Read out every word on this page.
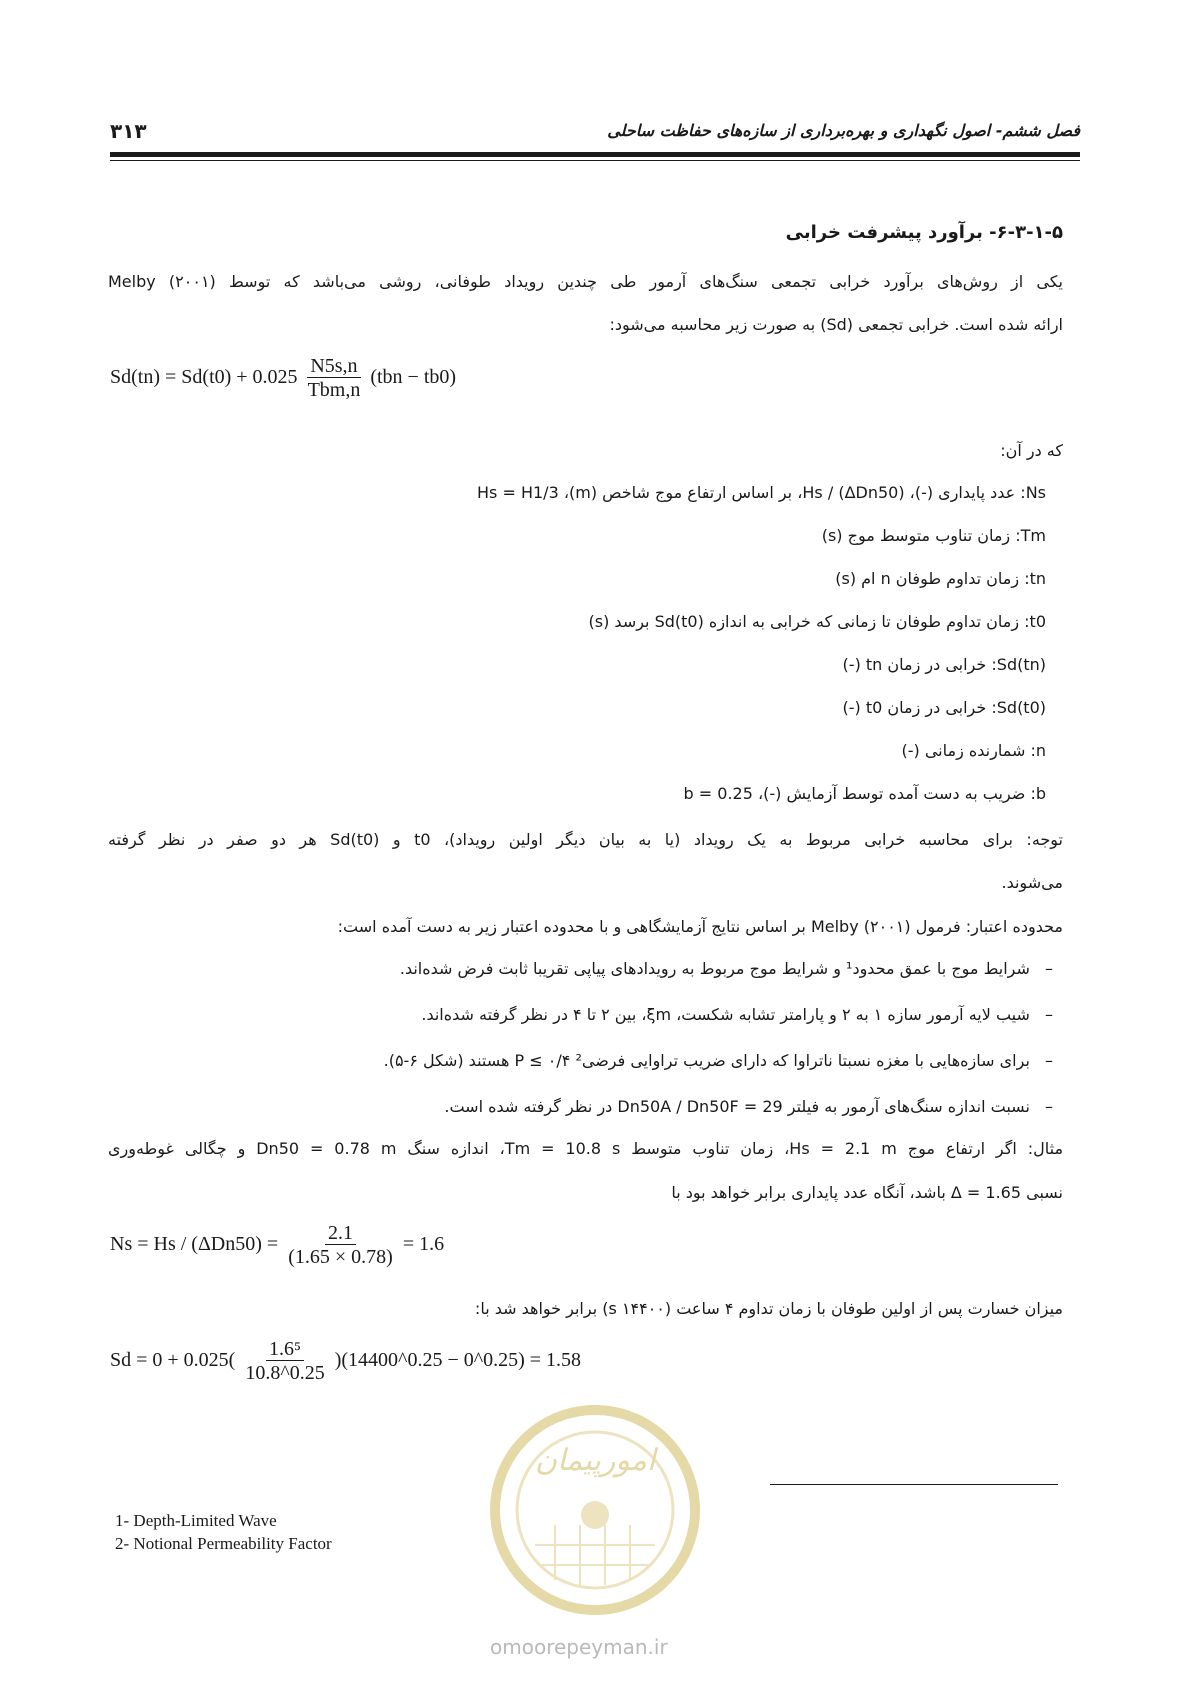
فصل ششم- اصول نگهداری و بهره‌برداری از سازه‌های حفاظت ساحلی
۳۱۳
۶-۳-۱-۵- برآورد پیشرفت خرابی
یکی از روش‌های برآورد خرابی تجمعی سنگ‌های آرمور طی چندین رویداد طوفانی، روشی می‌باشد که توسط Melby (۲۰۰۱)
ارائه شده است. خرابی تجمعی (Sd) به صورت زیر محاسبه می‌شود:
$Sd(tn) = Sd(t0) + 0.025 \frac{N5s,n}{\text{Tbm,n}} (tbn - tb0)$
که در آن:
Ns: عدد پایداری (-)، Hs / (ΔDn50)، بر اساس ارتفاع موج شاخص (m)، Hs = H1/3
Tm: زمان تناوب متوسط موج (s)
tn: زمان تداوم طوفان n ام (s)
t0: زمان تداوم طوفان تا زمانی که خرابی به اندازه Sd(t0) برسد (s)
Sd(tn): خرابی در زمان tn (-)
Sd(t0): خرابی در زمان t0 (-)
n: شمارنده زمانی (-)
b: ضریب به دست آمده توسط آزمایش (-)، b = 0.25
توجه: برای محاسبه خرابی مربوط به یک رویداد (یا به بیان دیگر اولین رویداد)، t0 و Sd(t0) هر دو صفر در نظر گرفته
می‌شوند.
محدوده اعتبار: فرمول Melby (۲۰۰۱) بر اساس نتایج آزمایشگاهی و با محدوده اعتبار زیر به دست آمده است:
– شرایط موج با عمق محدود¹ و شرایط موج مربوط به رویدادهای پیاپی تقریبا ثابت فرض شده‌اند.
– شیب لایه آرمور سازه ۱ به ۲ و پارامتر تشابه شکست، ξm، بین ۲ تا ۴ در نظر گرفته شده‌اند.
– برای سازه‌هایی با مغزه نسبتا ناتراوا که دارای ضریب تراوایی فرضی² ۰/۴ ≥ P هستند (شکل ۶-۵).
– نسبت اندازه سنگ‌های آرمور به فیلتر Dn50A / Dn50F = 29 در نظر گرفته شده است.
مثال: اگر ارتفاع موج Hs = 2.1 m، زمان تناوب متوسط Tm = 10.8 s، اندازه سنگ Dn50 = 0.78 m و چگالی غوطه‌وری
نسبی Δ = 1.65 باشد، آنگاه عدد پایداری برابر خواهد بود با
$Ns = Hs / (\Delta Dn50) = \frac{2.1}{(1.65 \times 0.78)} = 1.6$
میزان خسارت پس از اولین طوفان با زمان تداوم ۴ ساعت (۱۴۴۰۰ s) برابر خواهد شد با:
$Sd = 0 + 0.025( \frac{\text{1.6⁵}}{10.8\^{}0.25}$ )(14400^0.25 − 0^0.25) = 1.58
امورپیمان
omoorepeyman.ir
1- Depth-Limited Wave
2- Notional Permeability Factor
